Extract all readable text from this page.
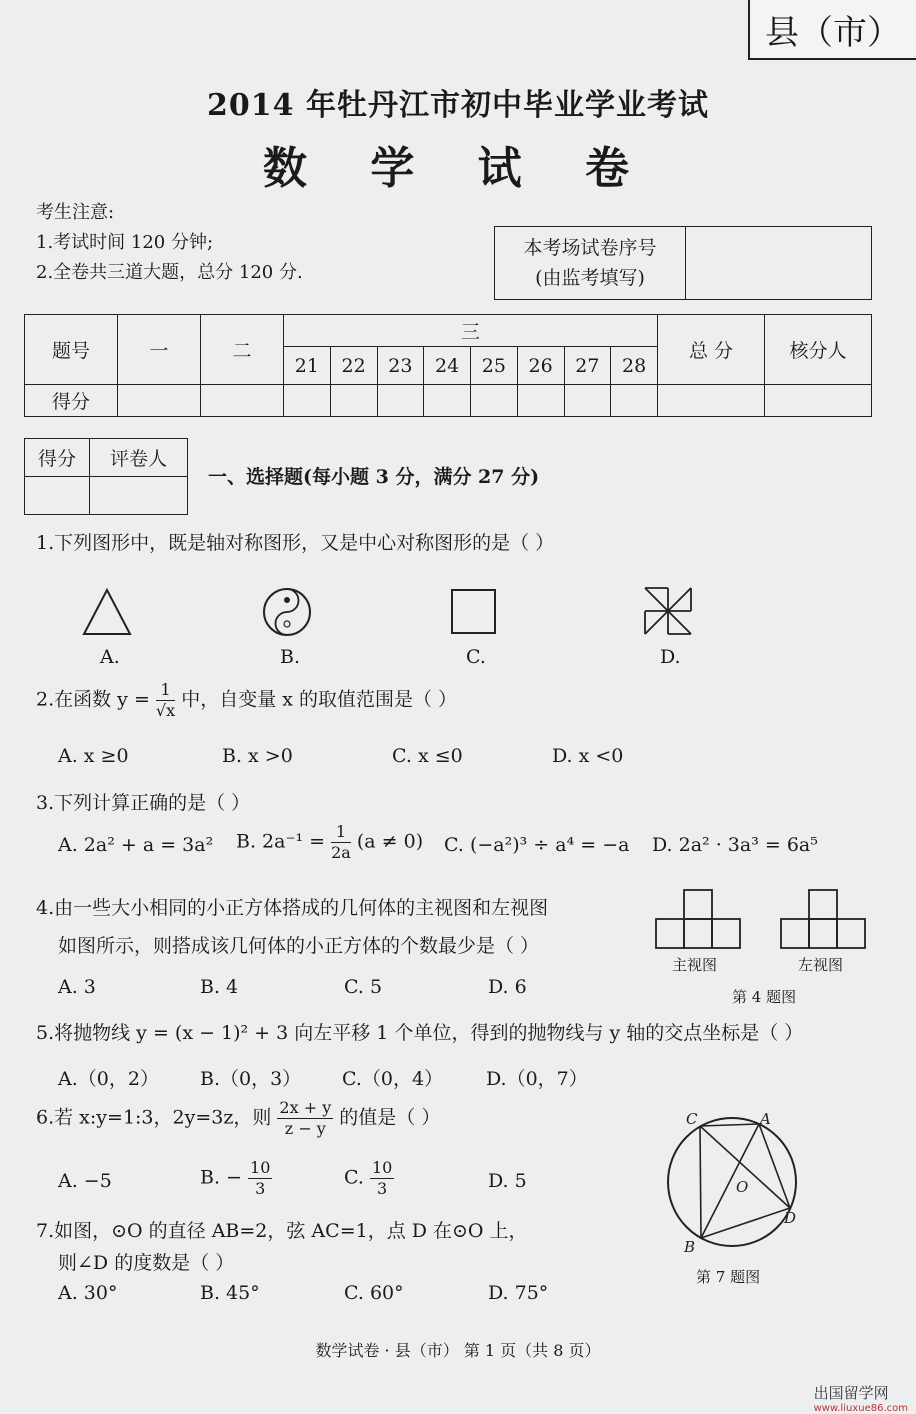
县（市）
2014 年牡丹江市初中毕业学业考试
数 学 试 卷
考生注意:
1.考试时间 120 分钟;
2.全卷共三道大题，总分 120 分.
本考场试卷序号
(由监考填写)
题号	一	二	三								总 分	核分人
			21	22	23	24	25	26	27	28		
得分												
得分	评卷人

一、选择题(每小题 3 分，满分 27 分)
1.下列图形中，既是轴对称图形，又是中心对称图形的是（ ）
A.	B.	C.	D.
2.在函数 $y = \frac{1}{√x}$ 中，自变量 x 的取值范围是（ ）
A. x ≥0	B. x >0	C. x ≤0	D. x <0
3.下列计算正确的是（ ）
A. 2a² + a = 3a² B. $2a^{-1} = \frac{1}{2a} (a \ne 0)$ C. (−a²)³ ÷ a⁴ = −a D. 2a² · 3a³ = 6a⁵
4.由一些大小相同的小正方体搭成的几何体的主视图和左视图
如图所示，则搭成该几何体的小正方体的个数最少是（ ）
A. 3	B. 4	C. 5	D. 6
主视图	左视图
第 4 题图
5.将抛物线 y = (x − 1)² + 3 向左平移 1 个单位，得到的抛物线与 y 轴的交点坐标是（ ）
A.（0，2） B.（0，3） C.（0，4） D.（0，7）
6.若 x:y=1:3，2y=3z，则 $\frac{2x + y}{z - y}$ 的值是（ ）
A. −5	B. − $\frac{10}{3}$	C. $\frac{10}{3}$	D. 5
7.如图，⊙O 的直径 AB=2，弦 AC=1，点 D 在⊙O 上，
则∠D 的度数是（ ）
A. 30°	B. 45°	C. 60°	D. 75°
C	A
O
D
B
第 7 题图
数学试卷 · 县（市） 第 1 页（共 8 页）
出国留学网
www.liuxue86.com
